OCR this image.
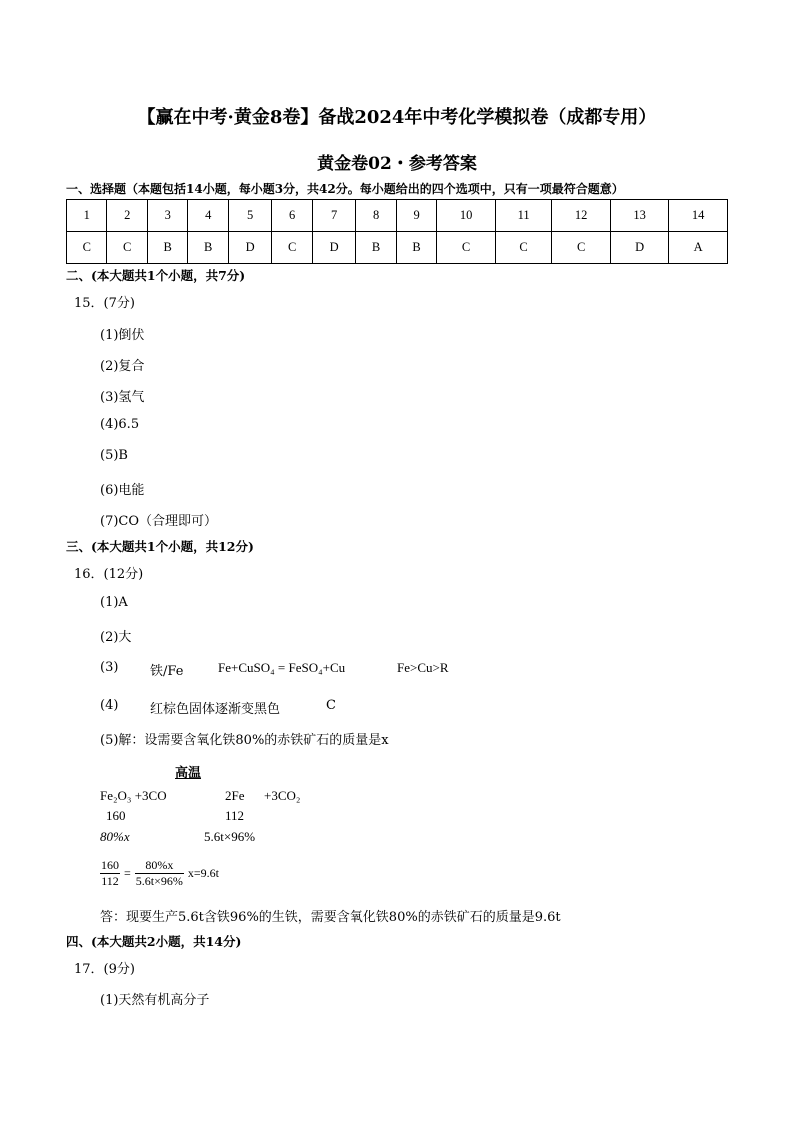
【赢在中考·黄金8卷】备战2024年中考化学模拟卷（成都专用）
黄金卷02・参考答案
一、选择题（本题包括14小题，每小题3分，共42分。每小题给出的四个选项中，只有一项最符合题意）
1	2	3	4	5	6	7	8	9	10	11	12	13	14
C	C	B	B	D	C	D	B	B	C	C	C	D	A
二、(本大题共1个小题，共7分)
15．(7分)
(1)倒伏
(2)复合
(3)氢气
(4)6.5
(5)B
(6)电能
(7)CO（合理即可）
三、(本大题共1个小题，共12分)
16．(12分)
(1)A
(2)大
(3) 铁/Fe	Fe+CuSO₄ = FeSO₄+Cu	Fe>Cu>R
(4) 红棕色固体逐渐变黑色	C
(5)解：设需要含氧化铁80%的赤铁矿石的质量是x
高温
Fe₂O₃ +3CO	2Fe +3CO₂
160	112
80%x	5.6t×96%
$\frac{160}{112} = \frac{80\%x}{5.6t\times 96\%} x=9.6t$
答：现要生产5.6t含铁96%的生铁，需要含氧化铁80%的赤铁矿石的质量是9.6t
四、(本大题共2小题，共14分)
17．(9分)
(1)天然有机高分子
